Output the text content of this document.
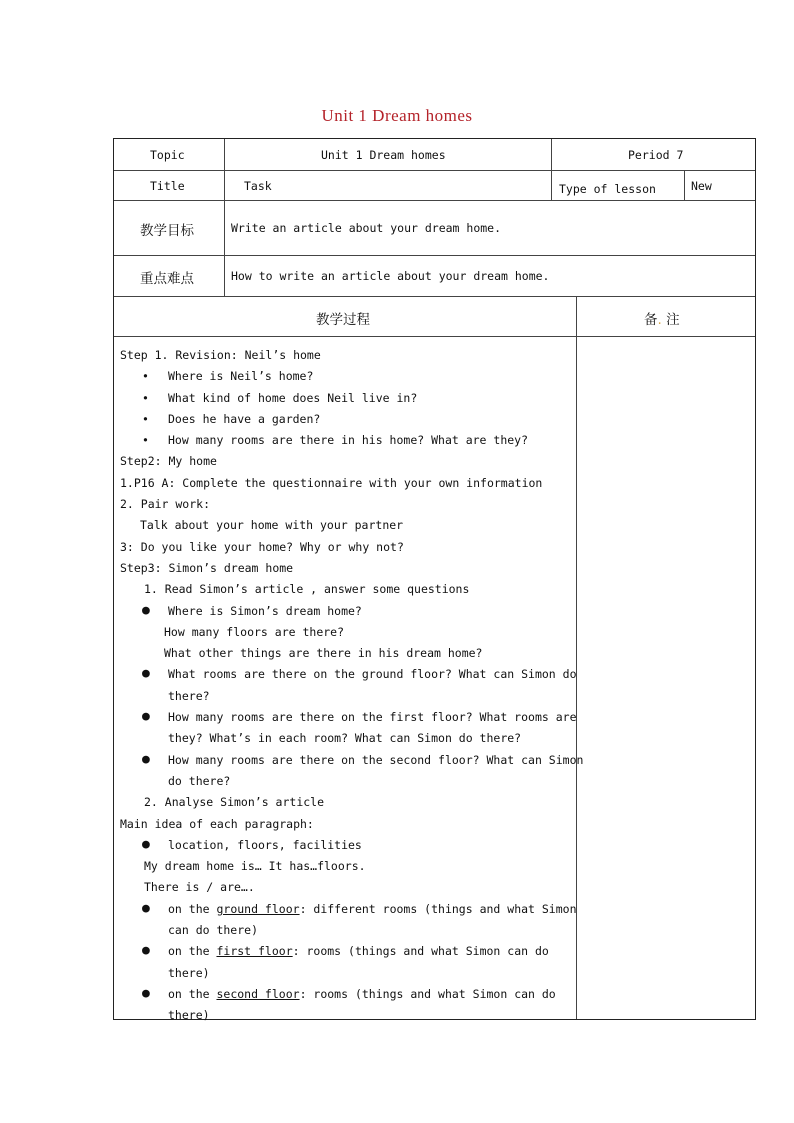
Unit 1 Dream homes
Topic	Unit 1 Dream homes	Period 7
Title	Task	Type of lesson	New
教学目标	Write an article about your dream home.
重点难点	How to write an article about your dream home.
教学过程	备. 注
Step 1. Revision: Neil’s home
• Where is Neil’s home?
• What kind of home does Neil live in?
• Does he have a garden?
• How many rooms are there in his home? What are they?
Step2: My home
1.P16 A: Complete the questionnaire with your own information
2. Pair work:
Talk about your home with your partner
3: Do you like your home? Why or why not?
Step3: Simon’s dream home
1. Read Simon’s article , answer some questions
● Where is Simon’s dream home?
How many floors are there?
What other things are there in his dream home?
● What rooms are there on the ground floor? What can Simon do
there?
● How many rooms are there on the first floor? What rooms are
they? What’s in each room? What can Simon do there?
● How many rooms are there on the second floor? What can Simon
do there?
2. Analyse Simon’s article
Main idea of each paragraph:
● location, floors, facilities
My dream home is… It has…floors.
There is / are….
● on the ground floor: different rooms (things and what Simon
can do there)
● on the first floor: rooms (things and what Simon can do
there)
● on the second floor: rooms (things and what Simon can do
there)
